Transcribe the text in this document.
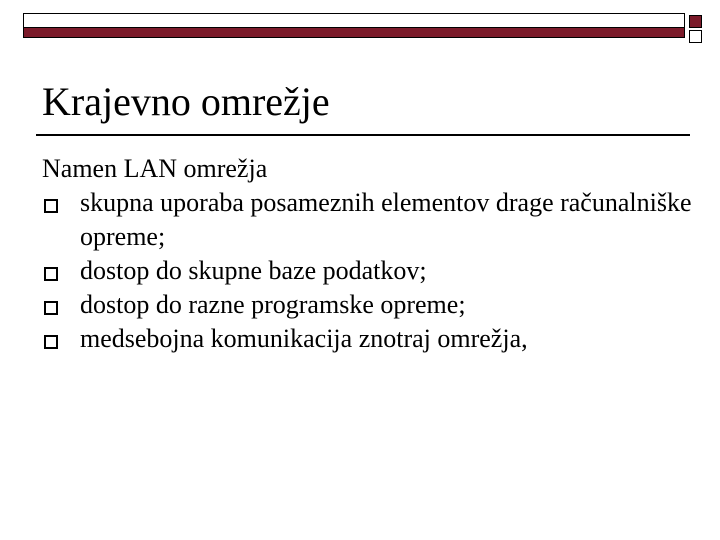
Krajevno omrežje
Namen LAN omrežja
skupna uporaba posameznih elementov drage računalniške opreme;
dostop do skupne baze podatkov;
dostop do razne programske opreme;
medsebojna komunikacija znotraj omrežja,
